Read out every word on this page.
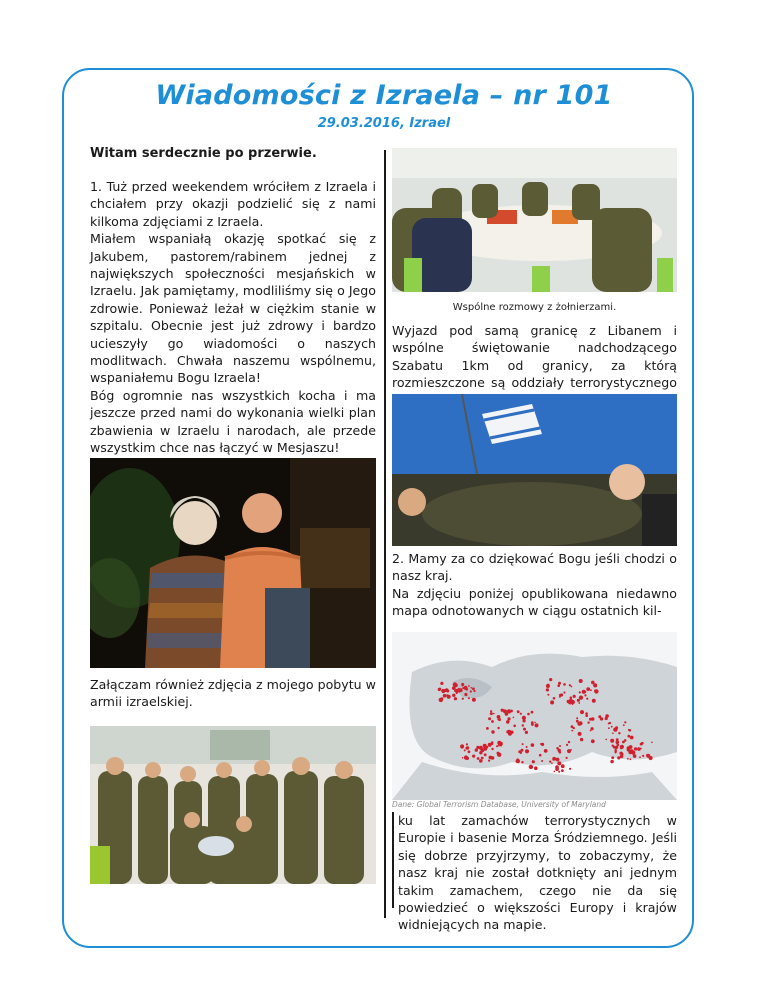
Wiadomości z Izraela – nr 101
29.03.2016, Izrael
Witam serdecznie po przerwie.

1. Tuż przed weekendem wróciłem z Izraela i chciałem przy okazji podzielić się z nami kilkoma zdjęciami z Izraela.

Miałem wspaniałą okazję spotkać się z Jakubem, pastorem/rabinem jednej z największych społeczności mesjańskich w Izraelu. Jak pamiętamy, modliliśmy się o Jego zdrowie. Ponieważ leżał w ciężkim stanie w szpitalu. Obecnie jest już zdrowy i bardzo ucieszyły go wiadomości o naszych modlitwach. Chwała naszemu wspólnemu, wspaniałemu Bogu Izraela!

Bóg ogromnie nas wszystkich kocha i ma jeszcze przed nami do wykonania wielki plan zbawienia w Izraelu i narodach, ale przede wszystkim chce nas łączyć w Mesjaszu!

Załączam również zdjęcia z mojego pobytu w armii izraelskiej.

Wspólne rozmowy z żołnierzami.

Wyjazd pod samą granicę z Libanem i wspólne świętowanie nadchodzącego Szabatu 1km od granicy, za którą rozmieszczone są oddziały terrorystycznego

2. Mamy za co dziękować Bogu jeśli chodzi o nasz kraj.

Na zdjęciu poniżej opublikowana niedawno mapa odnotowanych w ciągu ostatnich kil-

Dane: Global Terrorism Database, University of Maryland

ku lat zamachów terrorystycznych w Europie i basenie Morza Śródziemnego. Jeśli się dobrze przyjrzymy, to zobaczymy, że nasz kraj nie został dotknięty ani jednym takim zamachem, czego nie da się powiedzieć o większości Europy i krajów widniejących na mapie.
